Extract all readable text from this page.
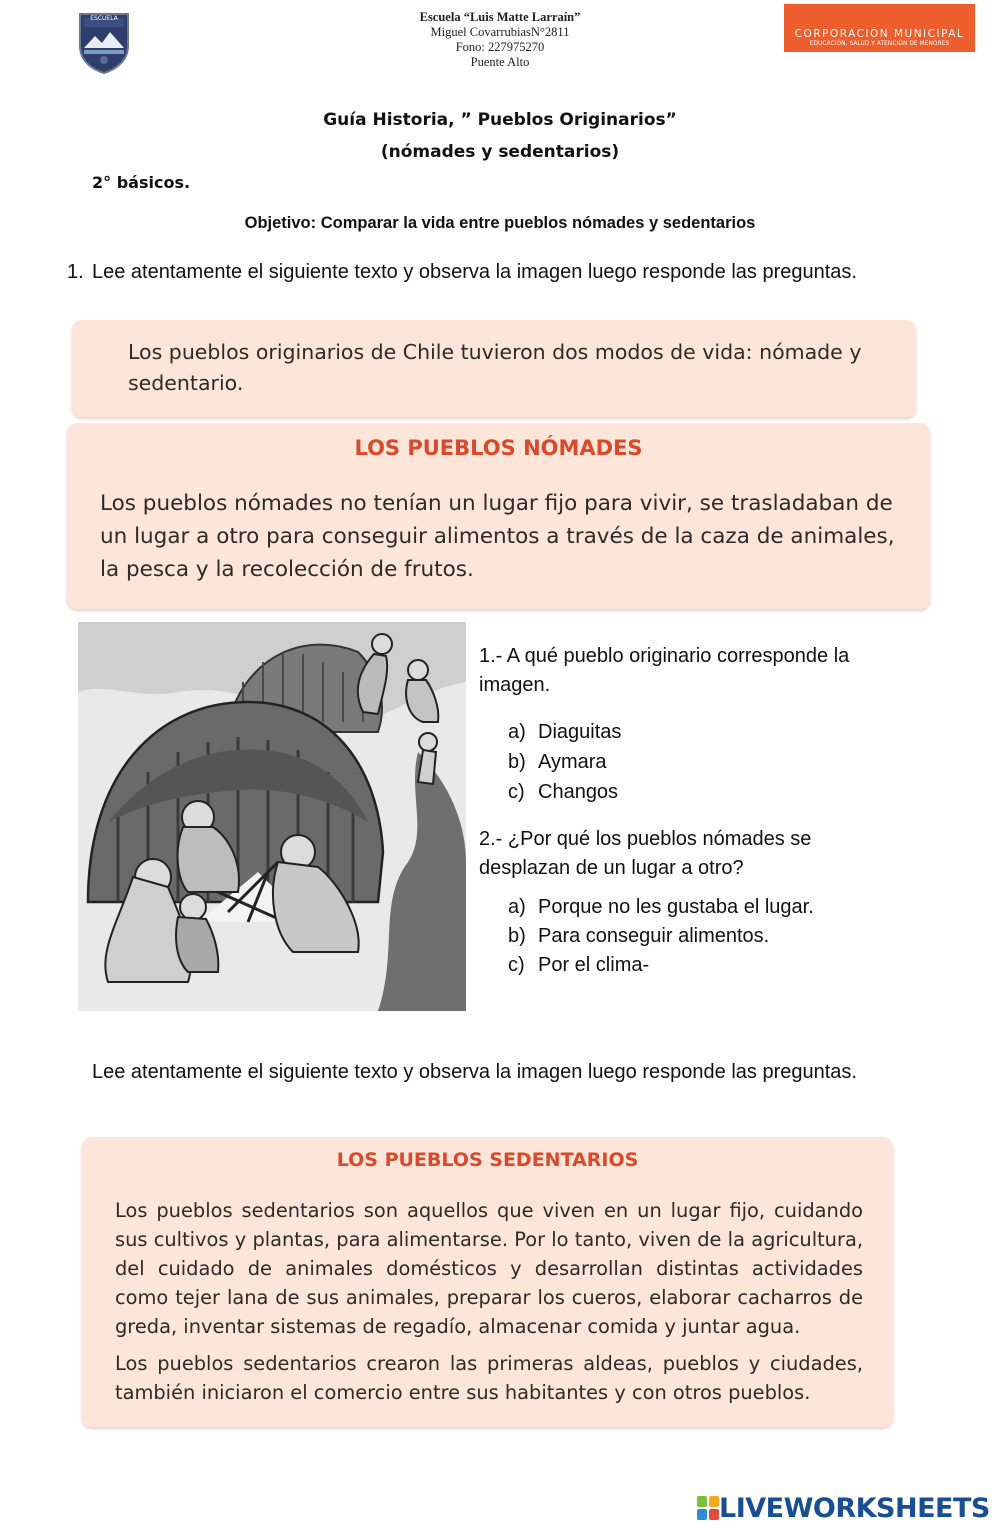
ESCUELA	Escuela “Luis Matte Larraín”
Miguel CovarrubiasN°2811
Fono: 227975270
Puente Alto
CORPORACIÓN MUNICIPAL
EDUCACIÓN, SALUD Y ATENCIÓN DE MENORES
Guía Historia, ” Pueblos Originarios”
(nómades y sedentarios)
2° básicos.
Objetivo: Comparar la vida entre pueblos nómades y sedentarios
1. Lee atentamente el siguiente texto y observa la imagen luego responde las preguntas.
Los pueblos originarios de Chile tuvieron dos modos de vida: nómade y sedentario.
LOS PUEBLOS NÓMADES
Los pueblos nómades no tenían un lugar fijo para vivir, se trasladaban de un lugar a otro para conseguir alimentos a través de la caza de animales, la pesca y la recolección de frutos.
1.- A qué pueblo originario corresponde la imagen.
a) Diaguitas
b) Aymara
c) Changos
2.- ¿Por qué los pueblos nómades se desplazan de un lugar a otro?
a) Porque no les gustaba el lugar.
b) Para conseguir alimentos.
c) Por el clima-
Lee atentamente el siguiente texto y observa la imagen luego responde las preguntas.
LOS PUEBLOS SEDENTARIOS
Los pueblos sedentarios son aquellos que viven en un lugar fijo, cuidando sus cultivos y plantas, para alimentarse. Por lo tanto, viven de la agricultura, del cuidado de animales domésticos y desarrollan distintas actividades como tejer lana de sus animales, preparar los cueros, elaborar cacharros de greda, inventar sistemas de regadío, almacenar comida y juntar agua.
Los pueblos sedentarios crearon las primeras aldeas, pueblos y ciudades, también iniciaron el comercio entre sus habitantes y con otros pueblos.
LIVEWORKSHEETS
